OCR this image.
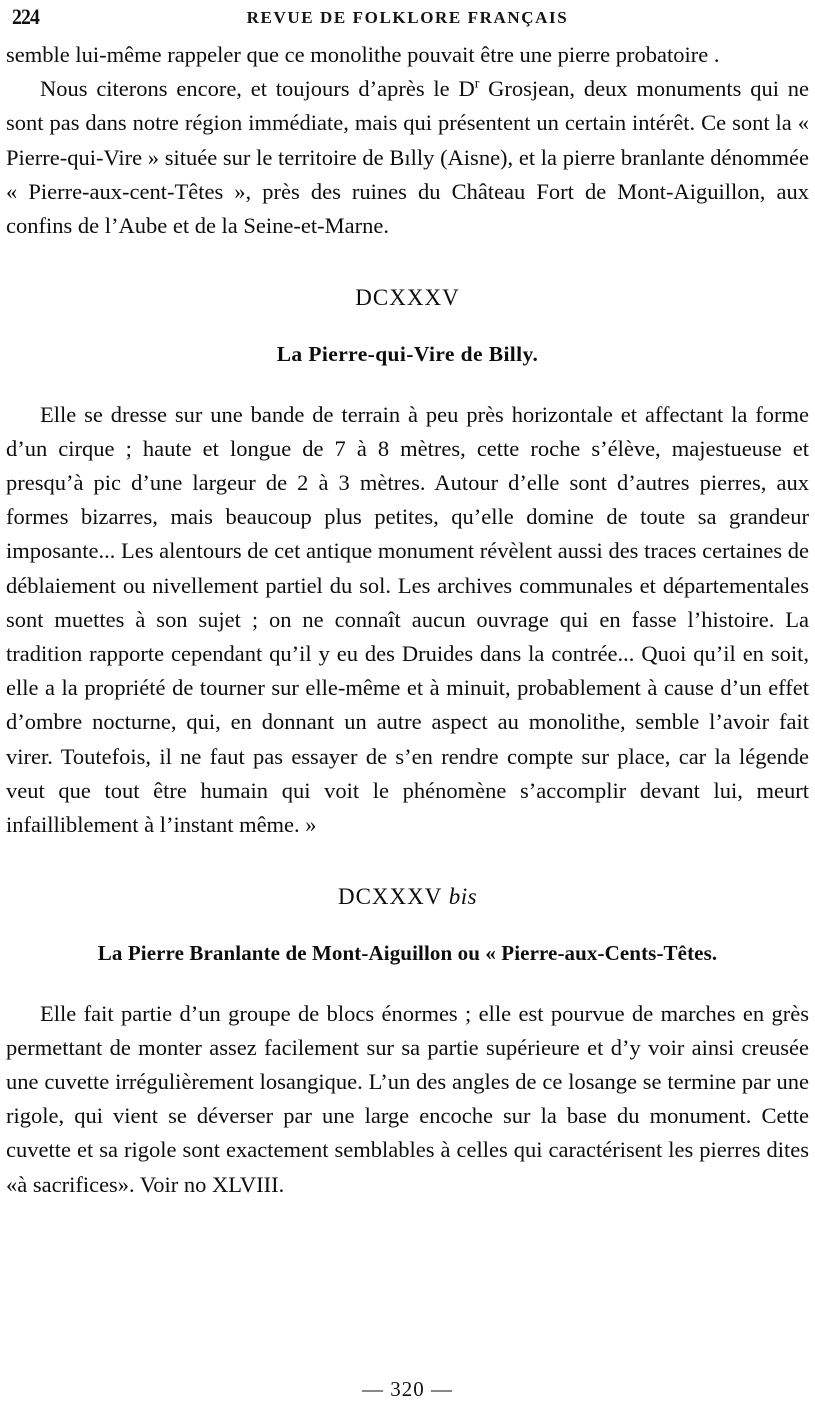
224	REVUE DE FOLKLORE FRANÇAIS

semble lui-même rappeler que ce monolithe pouvait être une pierre probatoire .

Nous citerons encore, et toujours d’après le $D^r$ Grosjean, deux monuments qui ne sont pas dans notre région immédiate, mais qui présentent un certain intérêt. Ce sont la « Pierre-qui-Vire » située sur le territoire de Bılly (Aisne), et la pierre branlante dénommée « Pierre-aux-cent-Têtes », près des ruines du Château Fort de Mont-Aiguillon, aux confins de l’Aube et de la Seine-et-Marne.

DCXXXV
La Pierre-qui-Vire de Billy.

Elle se dresse sur une bande de terrain à peu près horizontale et affectant la forme d’un cirque ; haute et longue de 7 à 8 mètres, cette roche s’élève, majestueuse et presqu’à pic d’une largeur de 2 à 3 mètres. Autour d’elle sont d’autres pierres, aux formes bizarres, mais beaucoup plus petites, qu’elle domine de toute sa grandeur imposante... Les alentours de cet antique monument révèlent aussi des traces certaines de déblaiement ou nivellement partiel du sol. Les archives communales et départementales sont muettes à son sujet ; on ne connaît aucun ouvrage qui en fasse l’histoire. La tradition rapporte cependant qu’il y eu des Druides dans la contrée... Quoi qu’il en soit, elle a la propriété de tourner sur elle-même et à minuit, probablement à cause d’un effet d’ombre nocturne, qui, en donnant un autre aspect au monolithe, semble l’avoir fait virer. Toutefois, il ne faut pas essayer de s’en rendre compte sur place, car la légende veut que tout être humain qui voit le phénomène s’accomplir devant lui, meurt infailliblement à l’instant même. »

DCXXXV bis
La Pierre Branlante de Mont-Aiguillon ou « Pierre-aux-Cents-Têtes.

Elle fait partie d’un groupe de blocs énormes ; elle est pourvue de marches en grès permettant de monter assez facilement sur sa partie supérieure et d’y voir ainsi creusée une cuvette irrégulièrement losangique. L’un des angles de ce losange se termine par une rigole, qui vient se déverser par une large encoche sur la base du monument. Cette cuvette et sa rigole sont exactement semblables à celles qui caractérisent les pierres dites «à sacrifices». Voir no XLVIII.

— 320 —
